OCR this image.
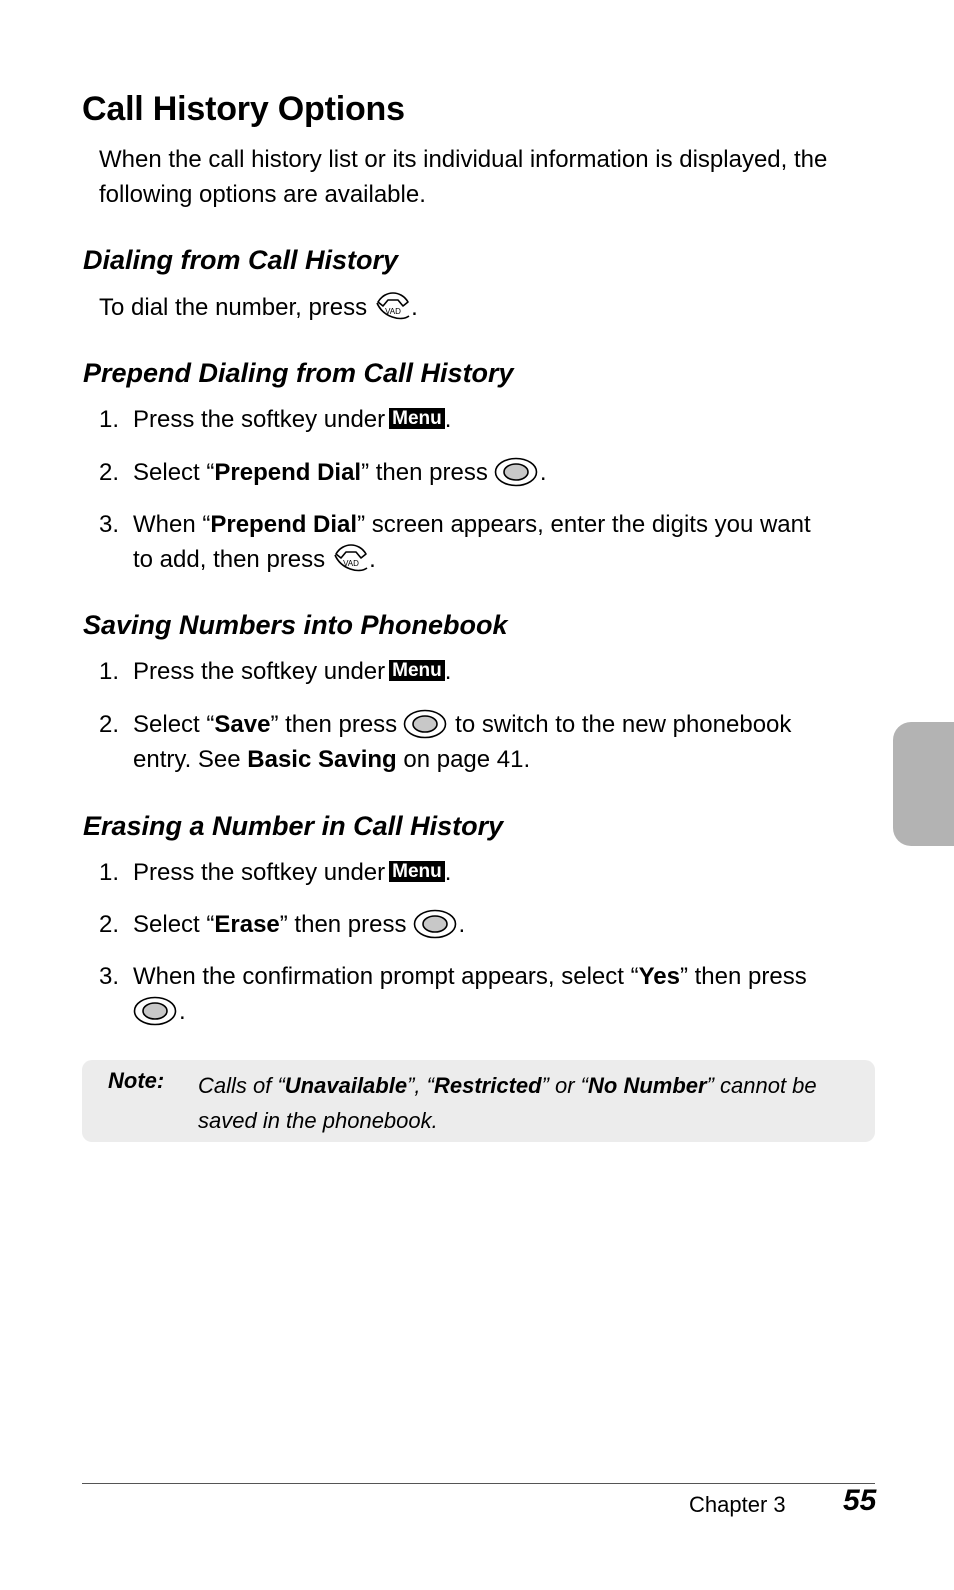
Call History Options

When the call history list or its individual information is displayed, the following options are available.

Dialing from Call History

To dial the number, press VAD .

Prepend Dialing from Call History

1. Press the softkey under Menu .

2. Select “Prepend Dial” then press .

3. When “Prepend Dial” screen appears, enter the digits you want

to add, then press VAD .

Saving Numbers into Phonebook

1. Press the softkey under Menu .

2. Select “Save” then press to switch to the new phonebook

entry. See Basic Saving on page 41.

Erasing a Number in Call History

1. Press the softkey under Menu .

2. Select “Erase” then press .

3. When the confirmation prompt appears, select “Yes” then press

.

Note: Calls of “Unavailable”, “Restricted” or “No Number” cannot be saved in the phonebook.

Chapter 3 55
